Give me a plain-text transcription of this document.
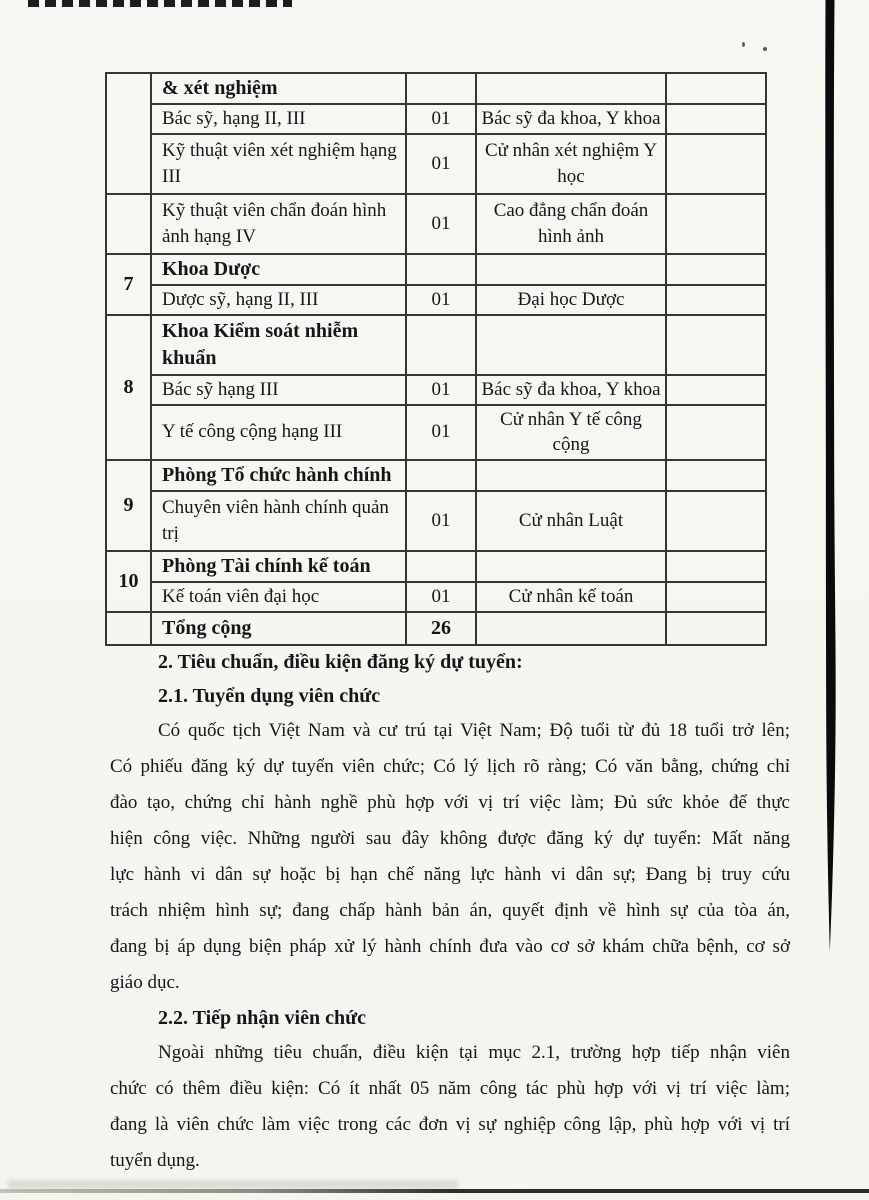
	& xét nghiệm			
	Bác sỹ, hạng II, III	01	Bác sỹ đa khoa, Y khoa	
	Kỹ thuật viên xét nghiệm hạng III	01	Cử nhân xét nghiệm Y học	
	Kỹ thuật viên chẩn đoán hình ảnh hạng IV	01	Cao đẳng chẩn đoán hình ảnh	
7	Khoa Dược			
	Dược sỹ, hạng II, III	01	Đại học Dược	
8	Khoa Kiểm soát nhiễm khuẩn			
	Bác sỹ hạng III	01	Bác sỹ đa khoa, Y khoa	
	Y tế công cộng hạng III	01	Cử nhân Y tế công cộng	
9	Phòng Tổ chức hành chính			
	Chuyên viên hành chính quản trị	01	Cử nhân Luật	
10	Phòng Tài chính kế toán			
	Kế toán viên đại học	01	Cử nhân kế toán	
	Tổng cộng	26		
2. Tiêu chuẩn, điều kiện đăng ký dự tuyển:
2.1. Tuyển dụng viên chức
Có quốc tịch Việt Nam và cư trú tại Việt Nam; Độ tuổi từ đủ 18 tuổi trở lên;
Có phiếu đăng ký dự tuyển viên chức; Có lý lịch rõ ràng; Có văn bằng, chứng chỉ
đào tạo, chứng chỉ hành nghề phù hợp với vị trí việc làm; Đủ sức khỏe để thực
hiện công việc. Những người sau đây không được đăng ký dự tuyển: Mất năng
lực hành vi dân sự hoặc bị hạn chế năng lực hành vi dân sự; Đang bị truy cứu
trách nhiệm hình sự; đang chấp hành bản án, quyết định về hình sự của tòa án,
đang bị áp dụng biện pháp xử lý hành chính đưa vào cơ sở khám chữa bệnh, cơ sở
giáo dục.
2.2. Tiếp nhận viên chức
Ngoài những tiêu chuẩn, điều kiện tại mục 2.1, trường hợp tiếp nhận viên
chức có thêm điều kiện: Có ít nhất 05 năm công tác phù hợp với vị trí việc làm;
đang là viên chức làm việc trong các đơn vị sự nghiệp công lập, phù hợp với vị trí
tuyển dụng.
